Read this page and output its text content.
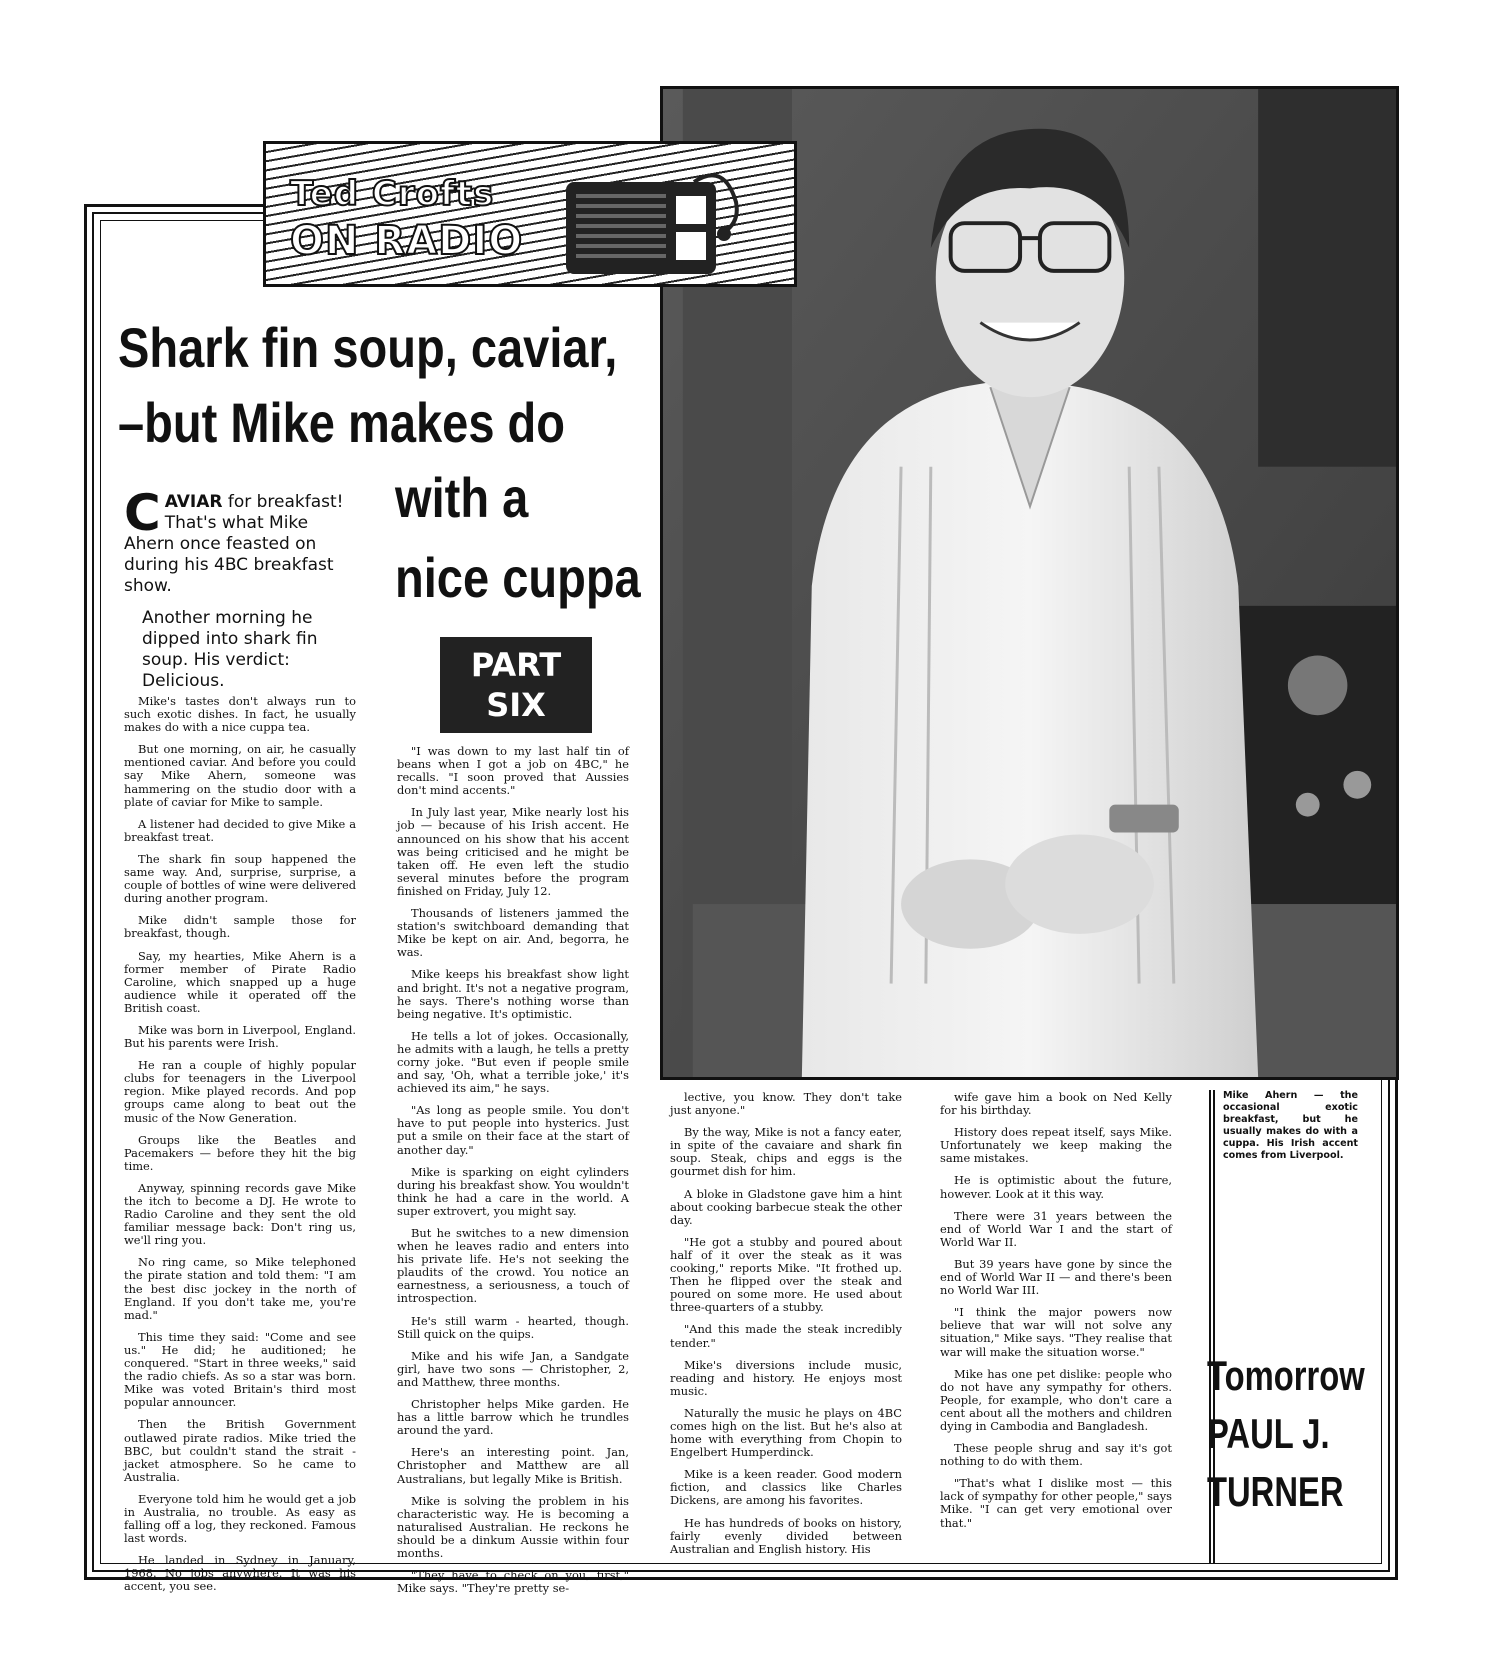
Ted Crofts
ON RADIO
Shark fin soup, caviar,
–but Mike makes do
with a
nice cuppa
PART
SIX
CAVIAR for breakfast! That's what Mike Ahern once feasted on during his 4BC breakfast show.
Another morning he dipped into shark fin soup. His verdict: Delicious.

Mike's tastes don't always run to such exotic dishes. In fact, he usually makes do with a nice cuppa tea.

But one morning, on air, he casually mentioned caviar. And before you could say Mike Ahern, someone was hammering on the studio door with a plate of caviar for Mike to sample.

A listener had decided to give Mike a breakfast treat.

The shark fin soup happened the same way. And, surprise, surprise, a couple of bottles of wine were delivered during another program.

Mike didn't sample those for breakfast, though.

Say, my hearties, Mike Ahern is a former member of Pirate Radio Caroline, which snapped up a huge audience while it operated off the British coast.

Mike was born in Liverpool, England. But his parents were Irish.

He ran a couple of highly popular clubs for teenagers in the Liverpool region. Mike played records. And pop groups came along to beat out the music of the Now Generation.

Groups like the Beatles and Pacemakers — before they hit the big time.

Anyway, spinning records gave Mike the itch to become a DJ. He wrote to Radio Caroline and they sent the old familiar message back: Don't ring us, we'll ring you.

No ring came, so Mike telephoned the pirate station and told them: "I am the best disc jockey in the north of England. If you don't take me, you're mad."

This time they said: "Come and see us." He did; he auditioned; he conquered. "Start in three weeks," said the radio chiefs. As so a star was born. Mike was voted Britain's third most popular announcer.

Then the British Government outlawed pirate radios. Mike tried the BBC, but couldn't stand the strait - jacket atmosphere. So he came to Australia.

Everyone told him he would get a job in Australia, no trouble. As easy as falling off a log, they reckoned. Famous last words.

He landed in Sydney in January, 1968. No jobs anywhere. It was his accent, you see.

"I was down to my last half tin of beans when I got a job on 4BC," he recalls. "I soon proved that Aussies don't mind accents."

In July last year, Mike nearly lost his job — because of his Irish accent. He announced on his show that his accent was being criticised and he might be taken off. He even left the studio several minutes before the program finished on Friday, July 12.

Thousands of listeners jammed the station's switchboard demanding that Mike be kept on air. And, begorra, he was.

Mike keeps his breakfast show light and bright. It's not a negative program, he says. There's nothing worse than being negative. It's optimistic.

He tells a lot of jokes. Occasionally, he admits with a laugh, he tells a pretty corny joke. "But even if people smile and say, 'Oh, what a terrible joke,' it's achieved its aim," he says.

"As long as people smile. You don't have to put people into hysterics. Just put a smile on their face at the start of another day."

Mike is sparking on eight cylinders during his breakfast show. You wouldn't think he had a care in the world. A super extrovert, you might say.

But he switches to a new dimension when he leaves radio and enters into his private life. He's not seeking the plaudits of the crowd. You notice an earnestness, a seriousness, a touch of introspection.

He's still warm - hearted, though. Still quick on the quips.

Mike and his wife Jan, a Sandgate girl, have two sons — Christopher, 2, and Matthew, three months.

Christopher helps Mike garden. He has a little barrow which he trundles around the yard.

Here's an interesting point. Jan, Christopher and Matthew are all Australians, but legally Mike is British.

Mike is solving the problem in his characteristic way. He is becoming a naturalised Australian. He reckons he should be a dinkum Aussie within four months.

"They have to check on you, first," Mike says. "They're pretty se-

lective, you know. They don't take just anyone."

By the way, Mike is not a fancy eater, in spite of the cavaiare and shark fin soup. Steak, chips and eggs is the gourmet dish for him.

A bloke in Gladstone gave him a hint about cooking barbecue steak the other day.

"He got a stubby and poured about half of it over the steak as it was cooking," reports Mike. "It frothed up. Then he flipped over the steak and poured on some more. He used about three-quarters of a stubby.

"And this made the steak incredibly tender."

Mike's diversions include music, reading and history. He enjoys most music.

Naturally the music he plays on 4BC comes high on the list. But he's also at home with everything from Chopin to Engelbert Humperdinck.

Mike is a keen reader. Good modern fiction, and classics like Charles Dickens, are among his favorites.

He has hundreds of books on history, fairly evenly divided between Australian and English history. His

wife gave him a book on Ned Kelly for his birthday.

History does repeat itself, says Mike. Unfortunately we keep making the same mistakes.

He is optimistic about the future, however. Look at it this way.

There were 31 years between the end of World War I and the start of World War II.

But 39 years have gone by since the end of World War II — and there's been no World War III.

"I think the major powers now believe that war will not solve any situation," Mike says. "They realise that war will make the situation worse."

Mike has one pet dislike: people who do not have any sympathy for others. People, for example, who don't care a cent about all the mothers and children dying in Cambodia and Bangladesh.

These people shrug and say it's got nothing to do with them.

"That's what I dislike most — this lack of sympathy for other people," says Mike. "I can get very emotional over that."

Mike Ahern — the occasional exotic breakfast, but he usually makes do with a cuppa. His Irish accent comes from Liverpool.
Tomorrow
PAUL J.
TURNER
